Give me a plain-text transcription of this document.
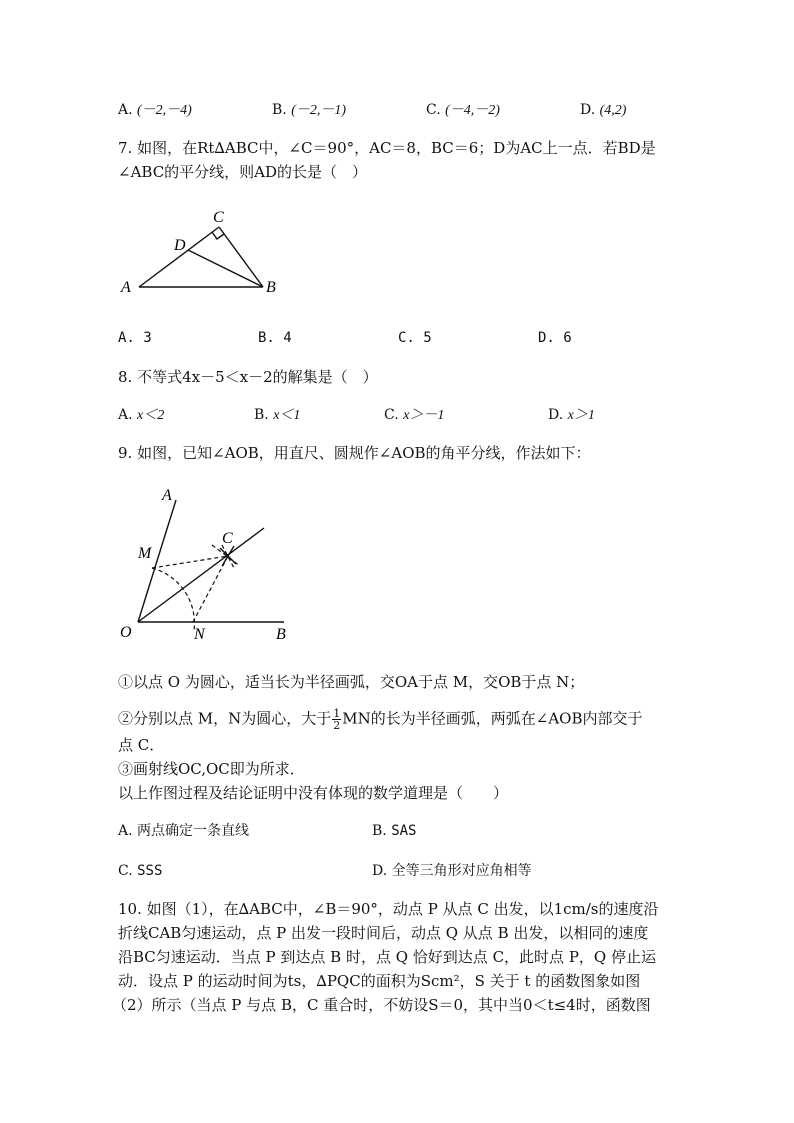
A. (－2,－4)	B. (－2,－1)	C. (－4,－2)	D. (4,2)
7. 如图，在Rt∆ABC中，∠C＝90°，AC＝8，BC＝6；D为AC上一点．若BD是
∠ABC的平分线，则AD的长是（　）
C
D
A	B
A. 3	B. 4	C. 5	D. 6
8. 不等式4x－5＜x－2的解集是（　）
A. x＜2	B. x＜1	C. x＞－1	D. x＞1
9. 如图，已知∠AOB，用直尺、圆规作∠AOB的角平分线，作法如下：
A
M
C
O	N	B
①以点 O 为圆心，适当长为半径画弧，交OA于点 M，交OB于点 N；
②分别以点 M，N为圆心，大于 $\frac{1}{2}$ MN的长为半径画弧，两弧在∠AOB内部交于
点 C．
③画射线OC,OC即为所求．
以上作图过程及结论证明中没有体现的数学道理是（　　）
A. 两点确定一条直线	B. SAS
C. SSS	D. 全等三角形对应角相等
10. 如图（1），在∆ABC中，∠B＝90°，动点 P 从点 C 出发，以1cm/s的速度沿
折线CAB匀速运动，点 P 出发一段时间后，动点 Q 从点 B 出发，以相同的速度
沿BC匀速运动．当点 P 到达点 B 时，点 Q 恰好到达点 C，此时点 P，Q 停止运
动．设点 P 的运动时间为ts，∆PQC的面积为Scm²，S 关于 t 的函数图象如图
（2）所示（当点 P 与点 B，C 重合时，不妨设S＝0，其中当0＜t≤4时，函数图
